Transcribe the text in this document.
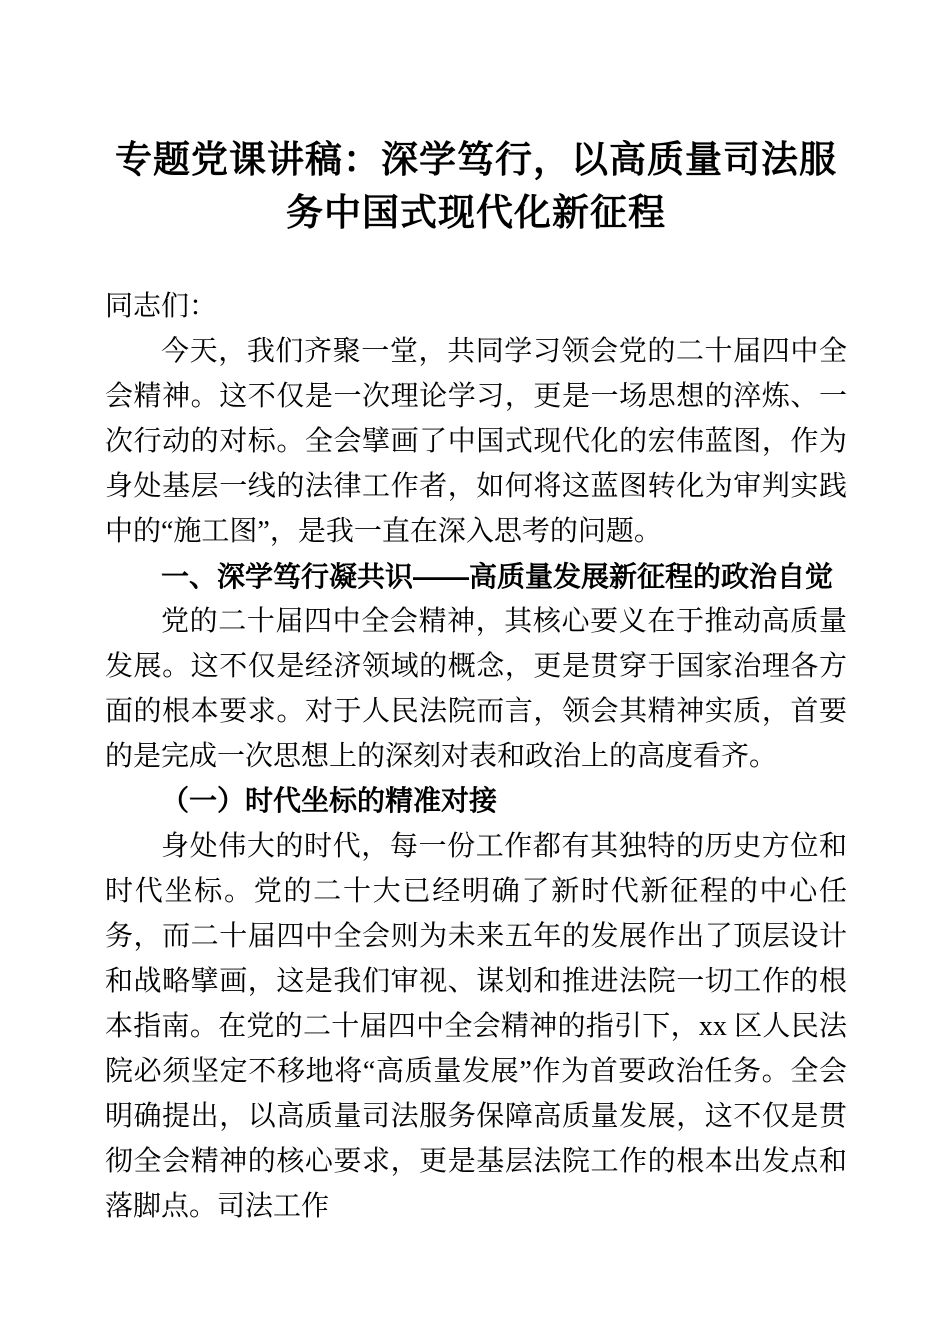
专题党课讲稿：深学笃行，以高质量司法服务中国式现代化新征程

同志们：

今天，我们齐聚一堂，共同学习领会党的二十届四中全会精神。这不仅是一次理论学习，更是一场思想的淬炼、一次行动的对标。全会擘画了中国式现代化的宏伟蓝图，作为身处基层一线的法律工作者，如何将这蓝图转化为审判实践中的“施工图”，是我一直在深入思考的问题。

一、深学笃行凝共识——高质量发展新征程的政治自觉

党的二十届四中全会精神，其核心要义在于推动高质量发展。这不仅是经济领域的概念，更是贯穿于国家治理各方面的根本要求。对于人民法院而言，领会其精神实质，首要的是完成一次思想上的深刻对表和政治上的高度看齐。

（一）时代坐标的精准对接

身处伟大的时代，每一份工作都有其独特的历史方位和时代坐标。党的二十大已经明确了新时代新征程的中心任务，而二十届四中全会则为未来五年的发展作出了顶层设计和战略擘画，这是我们审视、谋划和推进法院一切工作的根本指南。在党的二十届四中全会精神的指引下，xx 区人民法院必须坚定不移地将“高质量发展”作为首要政治任务。全会明确提出，以高质量司法服务保障高质量发展，这不仅是贯彻全会精神的核心要求，更是基层法院工作的根本出发点和落脚点。司法工作
